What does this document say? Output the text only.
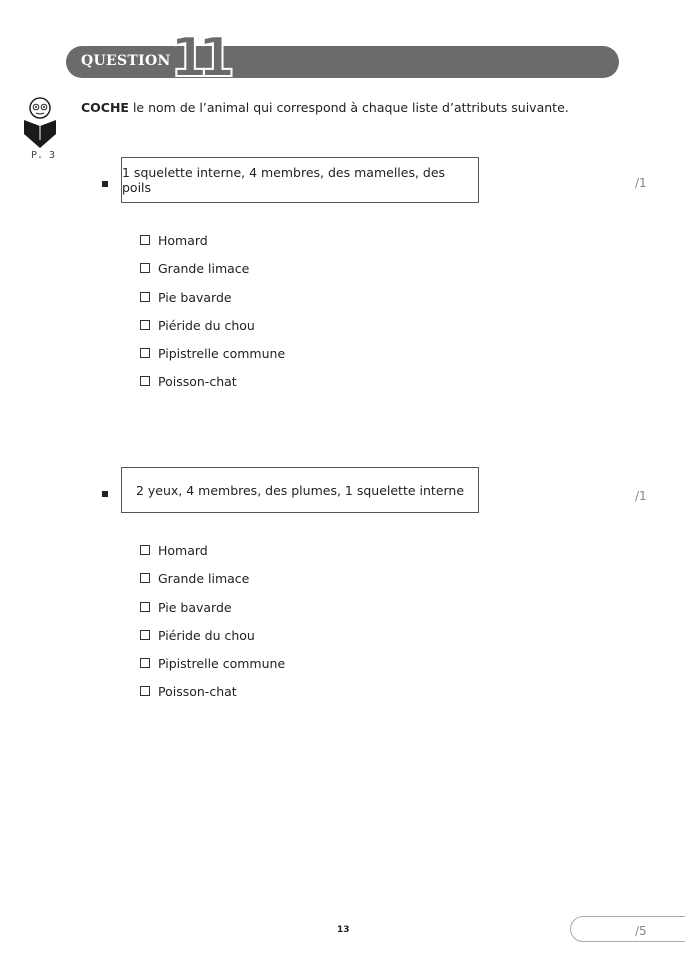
QUESTION 11
P. 3
COCHE le nom de l’animal qui correspond à chaque liste d’attributs suivante.
1 squelette interne, 4 membres, des mamelles, des poils	/1
Homard
Grande limace
Pie bavarde
Piéride du chou
Pipistrelle commune
Poisson-chat
2 yeux, 4 membres, des plumes, 1 squelette interne	/1
Homard
Grande limace
Pie bavarde
Piéride du chou
Pipistrelle commune
Poisson-chat
13	/5
